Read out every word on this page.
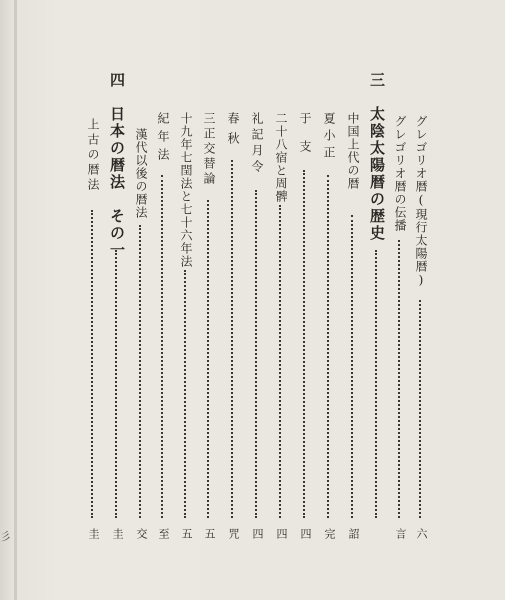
彡
グレゴリオ暦(現行太陽暦)
六
グレゴリオ暦の伝播
言
三　太陰太陽暦の歴史
中国上代の暦
詔
夏小正
完
于支
四
二十八宿と周髀
四
礼記月令
四
春秋
咒
三正交替論
五
十九年七閏法と七十六年法
五
紀年法
至
漢代以後の暦法
交
四　日本の暦法　その一
圭
上古の暦法
圭
